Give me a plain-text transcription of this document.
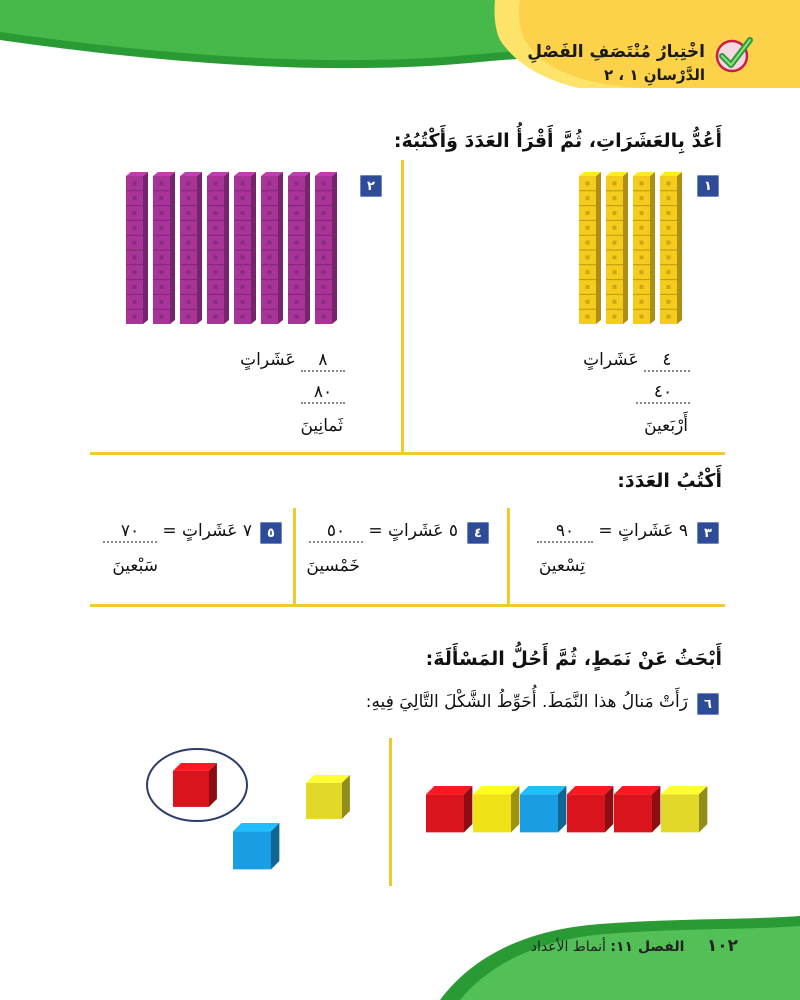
اخْتِبارُ مُنْتَصَفِ الفَصْلِ
الدَّرْسانِ ١ ، ٢
أَعُدُّ بِالعَشَرَاتِ، ثُمَّ أَقْرَأُ العَدَدَ وَأَكْتُبُهُ:
١
٤ عَشَراتٍ
٤٠
أَرْبَعينَ
٢
٨ عَشَراتٍ
٨٠
ثَمانِينَ
أَكْتُبُ العَدَدَ:
٣
٩ عَشَراتٍ = ٩٠
تِسْعينَ
٤
٥ عَشَراتٍ = ٥٠
خَمْسينَ
٥
٧ عَشَراتٍ = ٧٠
سَبْعينَ
أَبْحَثُ عَنْ نَمَطٍ، ثُمَّ أَحُلُّ المَسْأَلَةَ:
٦
رَأَتْ مَنالُ هذا النَّمَطَ. أُحَوِّطُ الشَّكْلَ التَّالِيَ فِيهِ:
١٠٢ الفصل ١١: أنماط الأعداد
